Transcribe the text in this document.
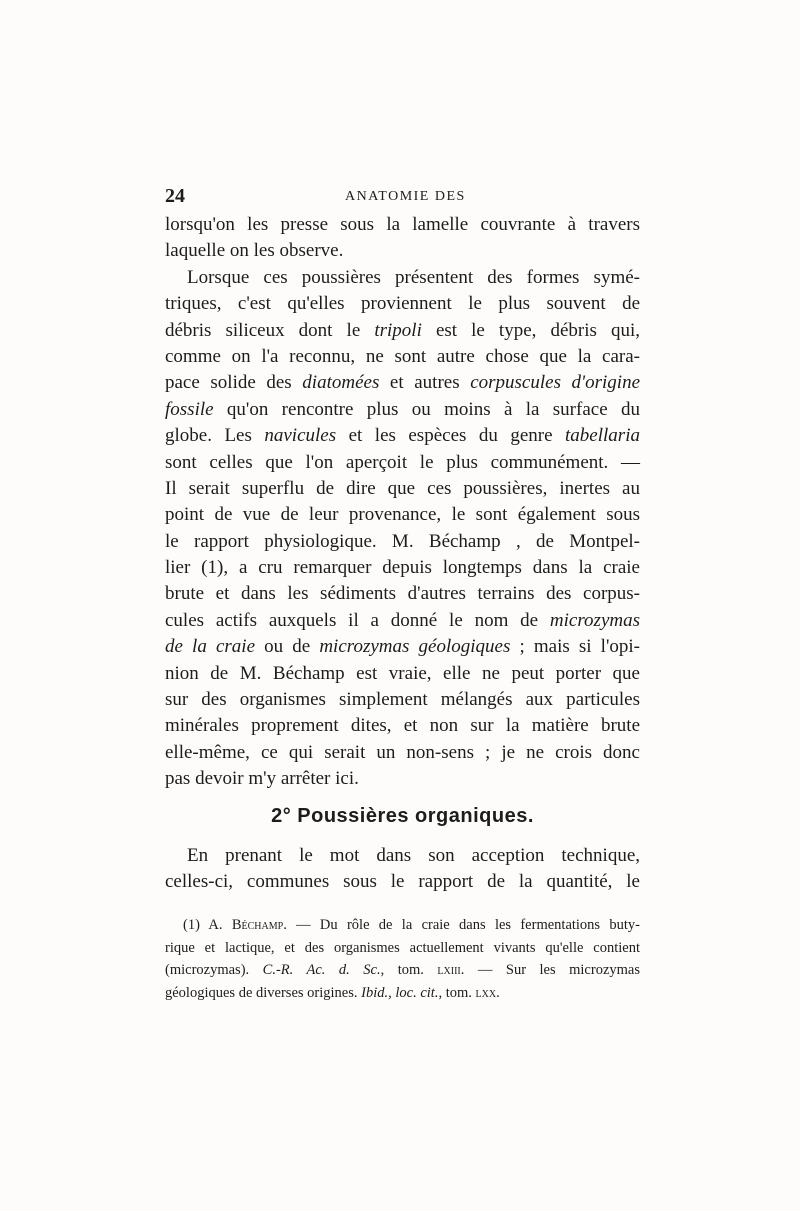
24	ANATOMIE DES
lorsqu'on les presse sous la lamelle couvrante à travers
laquelle on les observe.
Lorsque ces poussières présentent des formes symé-
triques, c'est qu'elles proviennent le plus souvent de
débris siliceux dont le tripoli est le type, débris qui,
comme on l'a reconnu, ne sont autre chose que la cara-
pace solide des diatomées et autres corpuscules d'origine
fossile qu'on rencontre plus ou moins à la surface du
globe. Les navicules et les espèces du genre tabellaria
sont celles que l'on aperçoit le plus communément. —
Il serait superflu de dire que ces poussières, inertes au
point de vue de leur provenance, le sont également sous
le rapport physiologique. M. Béchamp , de Montpel-
lier (1), a cru remarquer depuis longtemps dans la craie
brute et dans les sédiments d'autres terrains des corpus-
cules actifs auxquels il a donné le nom de microzymas
de la craie ou de microzymas géologiques ; mais si l'opi-
nion de M. Béchamp est vraie, elle ne peut porter que
sur des organismes simplement mélangés aux particules
minérales proprement dites, et non sur la matière brute
elle-même, ce qui serait un non-sens ; je ne crois donc
pas devoir m'y arrêter ici.
2° Poussières organiques.
En prenant le mot dans son acception technique,
celles-ci, communes sous le rapport de la quantité, le
(1) A. Béchamp. — Du rôle de la craie dans les fermentations buty-
rique et lactique, et des organismes actuellement vivants qu'elle contient
(microzymas). C.-R. Ac. d. Sc., tom. lxiii. — Sur les microzymas
géologiques de diverses origines. Ibid., loc. cit., tom. lxx.
